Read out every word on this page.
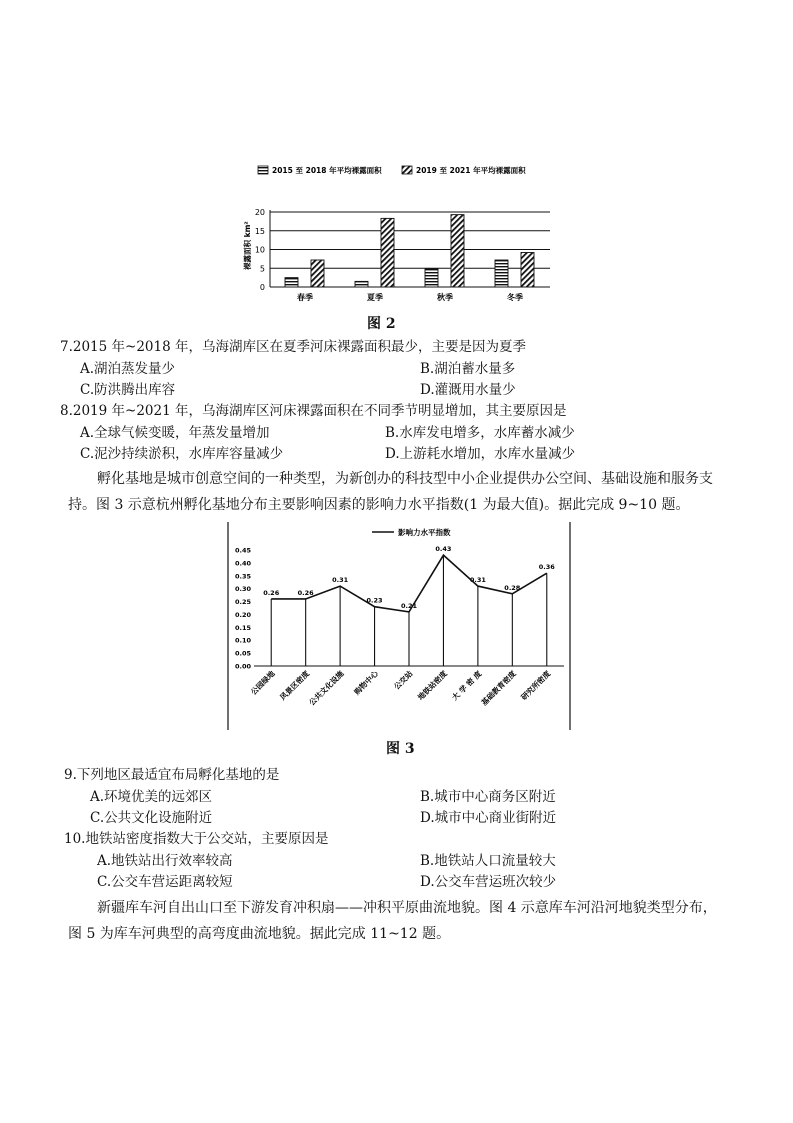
2015 至 2018 年平均裸露面积	2019 至 2021 年平均裸露面积
裸露面积 km²
0
5
10
15
20
春季	夏季	秋季	冬季
图 2
7.2015 年~2018 年，乌海湖库区在夏季河床裸露面积最少，主要是因为夏季
A.湖泊蒸发量少	B.湖泊蓄水量多
C.防洪腾出库容	D.灌溉用水量少
8.2019 年~2021 年，乌海湖库区河床裸露面积在不同季节明显增加，其主要原因是
A.全球气候变暖，年蒸发量增加	B.水库发电增多，水库蓄水减少
C.泥沙持续淤积，水库库容量减少	D.上游耗水增加，水库水量减少
孵化基地是城市创意空间的一种类型，为新创办的科技型中小企业提供办公空间、基础设施和服务支
持。图 3 示意杭州孵化基地分布主要影响因素的影响力水平指数(1 为最大值)。据此完成 9~10 题。
影响力水平指数
0.00
0.05
0.10
0.15
0.20
0.25
0.30
0.35
0.40
0.45
0.26
公园绿地
0.26
风景区密度
0.31
公共文化设施
0.23
购物中心
0.21
公交站
0.43
地铁站密度
0.31
大 学 密 度
0.28
基础教育密度
0.36
研究所密度
图 3
9.下列地区最适宜布局孵化基地的是
A.环境优美的远郊区	B.城市中心商务区附近
C.公共文化设施附近	D.城市中心商业街附近
10.地铁站密度指数大于公交站，主要原因是
A.地铁站出行效率较高	B.地铁站人口流量较大
C.公交车营运距离较短	D.公交车营运班次较少
新疆库车河自出山口至下游发育冲积扇——冲积平原曲流地貌。图 4 示意库车河沿河地貌类型分布，
图 5 为库车河典型的高弯度曲流地貌。据此完成 11~12 题。
